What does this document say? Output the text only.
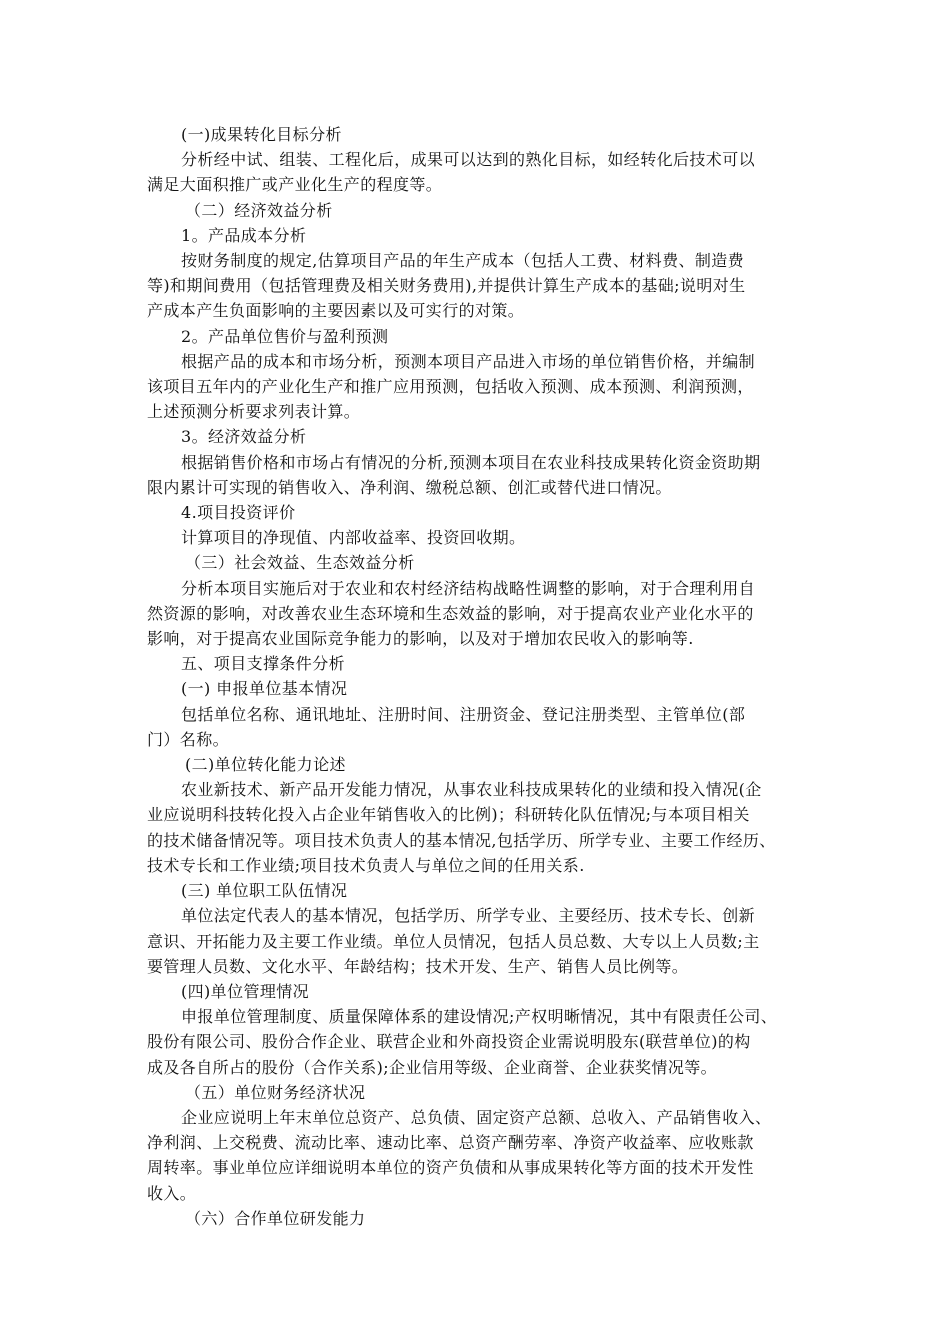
(一)成果转化目标分析

分析经中试、组装、工程化后，成果可以达到的熟化目标，如经转化后技术可以

满足大面积推广或产业化生产的程度等。

（二）经济效益分析

1。产品成本分析

按财务制度的规定,估算项目产品的年生产成本（包括人工费、材料费、制造费

等)和期间费用（包括管理费及相关财务费用),并提供计算生产成本的基础;说明对生

产成本产生负面影响的主要因素以及可实行的对策。

2。产品单位售价与盈利预测

根据产品的成本和市场分析，预测本项目产品进入市场的单位销售价格，并编制

该项目五年内的产业化生产和推广应用预测，包括收入预测、成本预测、利润预测，

上述预测分析要求列表计算。

3。经济效益分析

根据销售价格和市场占有情况的分析,预测本项目在农业科技成果转化资金资助期

限内累计可实现的销售收入、净利润、缴税总额、创汇或替代进口情况。

4.项目投资评价

计算项目的净现值、内部收益率、投资回收期。

（三）社会效益、生态效益分析

分析本项目实施后对于农业和农村经济结构战略性调整的影响，对于合理利用自

然资源的影响，对改善农业生态环境和生态效益的影响，对于提高农业产业化水平的

影响，对于提高农业国际竞争能力的影响，以及对于增加农民收入的影响等.

五、项目支撑条件分析

(一) 申报单位基本情况

包括单位名称、通讯地址、注册时间、注册资金、登记注册类型、主管单位(部

门）名称。

(二)单位转化能力论述

农业新技术、新产品开发能力情况，从事农业科技成果转化的业绩和投入情况(企

业应说明科技转化投入占企业年销售收入的比例)；科研转化队伍情况;与本项目相关

的技术储备情况等。项目技术负责人的基本情况,包括学历、所学专业、主要工作经历、

技术专长和工作业绩;项目技术负责人与单位之间的任用关系.

(三) 单位职工队伍情况

单位法定代表人的基本情况，包括学历、所学专业、主要经历、技术专长、创新

意识、开拓能力及主要工作业绩。单位人员情况，包括人员总数、大专以上人员数;主

要管理人员数、文化水平、年龄结构；技术开发、生产、销售人员比例等。

(四)单位管理情况

申报单位管理制度、质量保障体系的建设情况;产权明晰情况，其中有限责任公司、

股份有限公司、股份合作企业、联营企业和外商投资企业需说明股东(联营单位)的构

成及各自所占的股份（合作关系);企业信用等级、企业商誉、企业获奖情况等。

（五）单位财务经济状况

企业应说明上年末单位总资产、总负债、固定资产总额、总收入、产品销售收入、

净利润、上交税费、流动比率、速动比率、总资产酬劳率、净资产收益率、应收账款

周转率。事业单位应详细说明本单位的资产负债和从事成果转化等方面的技术开发性

收入。

（六）合作单位研发能力
